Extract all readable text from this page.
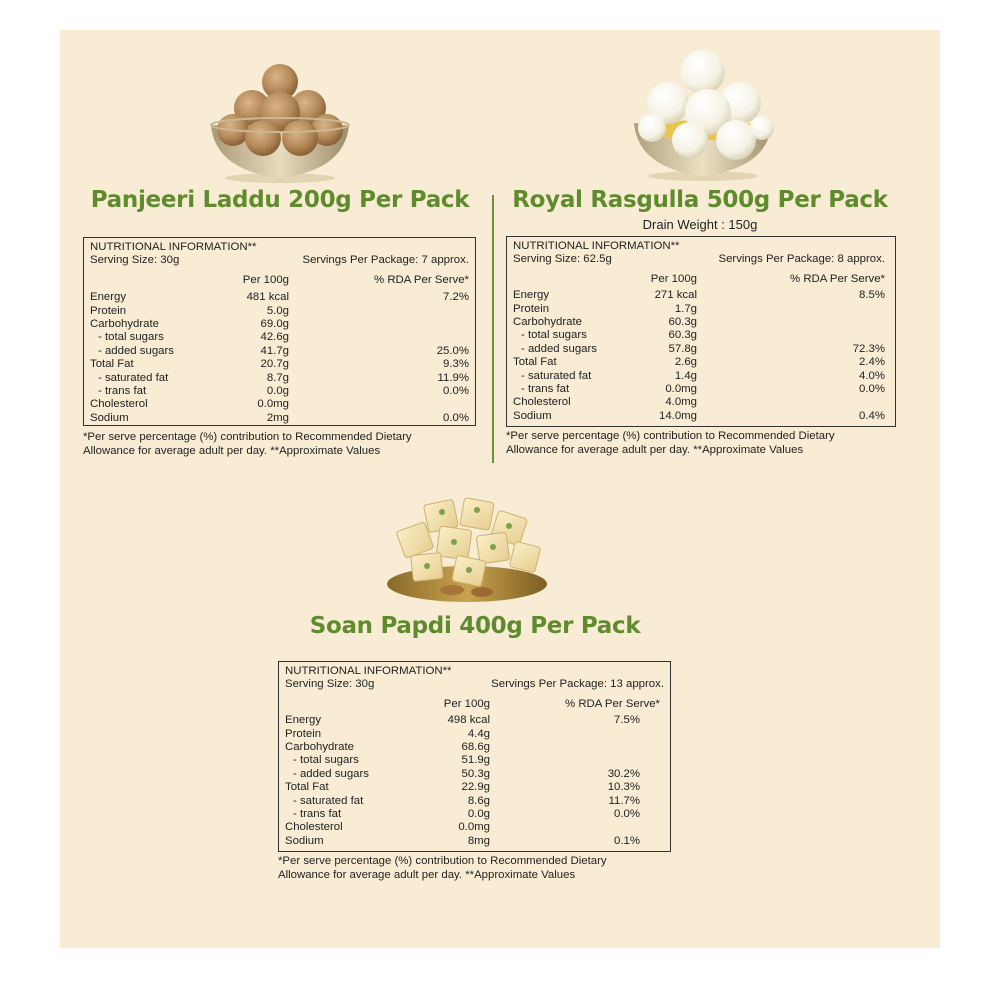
Panjeeri Laddu 200g Per Pack
NUTRITIONAL INFORMATION**
Serving Size: 30g	Servings Per Package: 7 approx.
Per 100g	% RDA Per Serve*
Energy	481 kcal	7.2%
Protein	5.0g
Carbohydrate	69.0g
- total sugars	42.6g
- added sugars	41.7g	25.0%
Total Fat	20.7g	9.3%
- saturated fat	8.7g	11.9%
- trans fat	0.0g	0.0%
Cholesterol	0.0mg
Sodium	2mg	0.0%
*Per serve percentage (%) contribution to Recommended Dietary
Allowance for average adult per day. **Approximate Values
Royal Rasgulla 500g Per Pack
Drain Weight : 150g
NUTRITIONAL INFORMATION**
Serving Size: 62.5g	Servings Per Package: 8 approx.
Per 100g	% RDA Per Serve*
Energy	271 kcal	8.5%
Protein	1.7g
Carbohydrate	60.3g
- total sugars	60.3g
- added sugars	57.8g	72.3%
Total Fat	2.6g	2.4%
- saturated fat	1.4g	4.0%
- trans fat	0.0mg	0.0%
Cholesterol	4.0mg
Sodium	14.0mg	0.4%
*Per serve percentage (%) contribution to Recommended Dietary
Allowance for average adult per day. **Approximate Values
Soan Papdi 400g Per Pack
NUTRITIONAL INFORMATION**
Serving Size: 30g	Servings Per Package: 13 approx.
Per 100g	% RDA Per Serve*
Energy	498 kcal	7.5%
Protein	4.4g
Carbohydrate	68.6g
- total sugars	51.9g
- added sugars	50.3g	30.2%
Total Fat	22.9g	10.3%
- saturated fat	8.6g	11.7%
- trans fat	0.0g	0.0%
Cholesterol	0.0mg
Sodium	8mg	0.1%
*Per serve percentage (%) contribution to Recommended Dietary
Allowance for average adult per day. **Approximate Values
